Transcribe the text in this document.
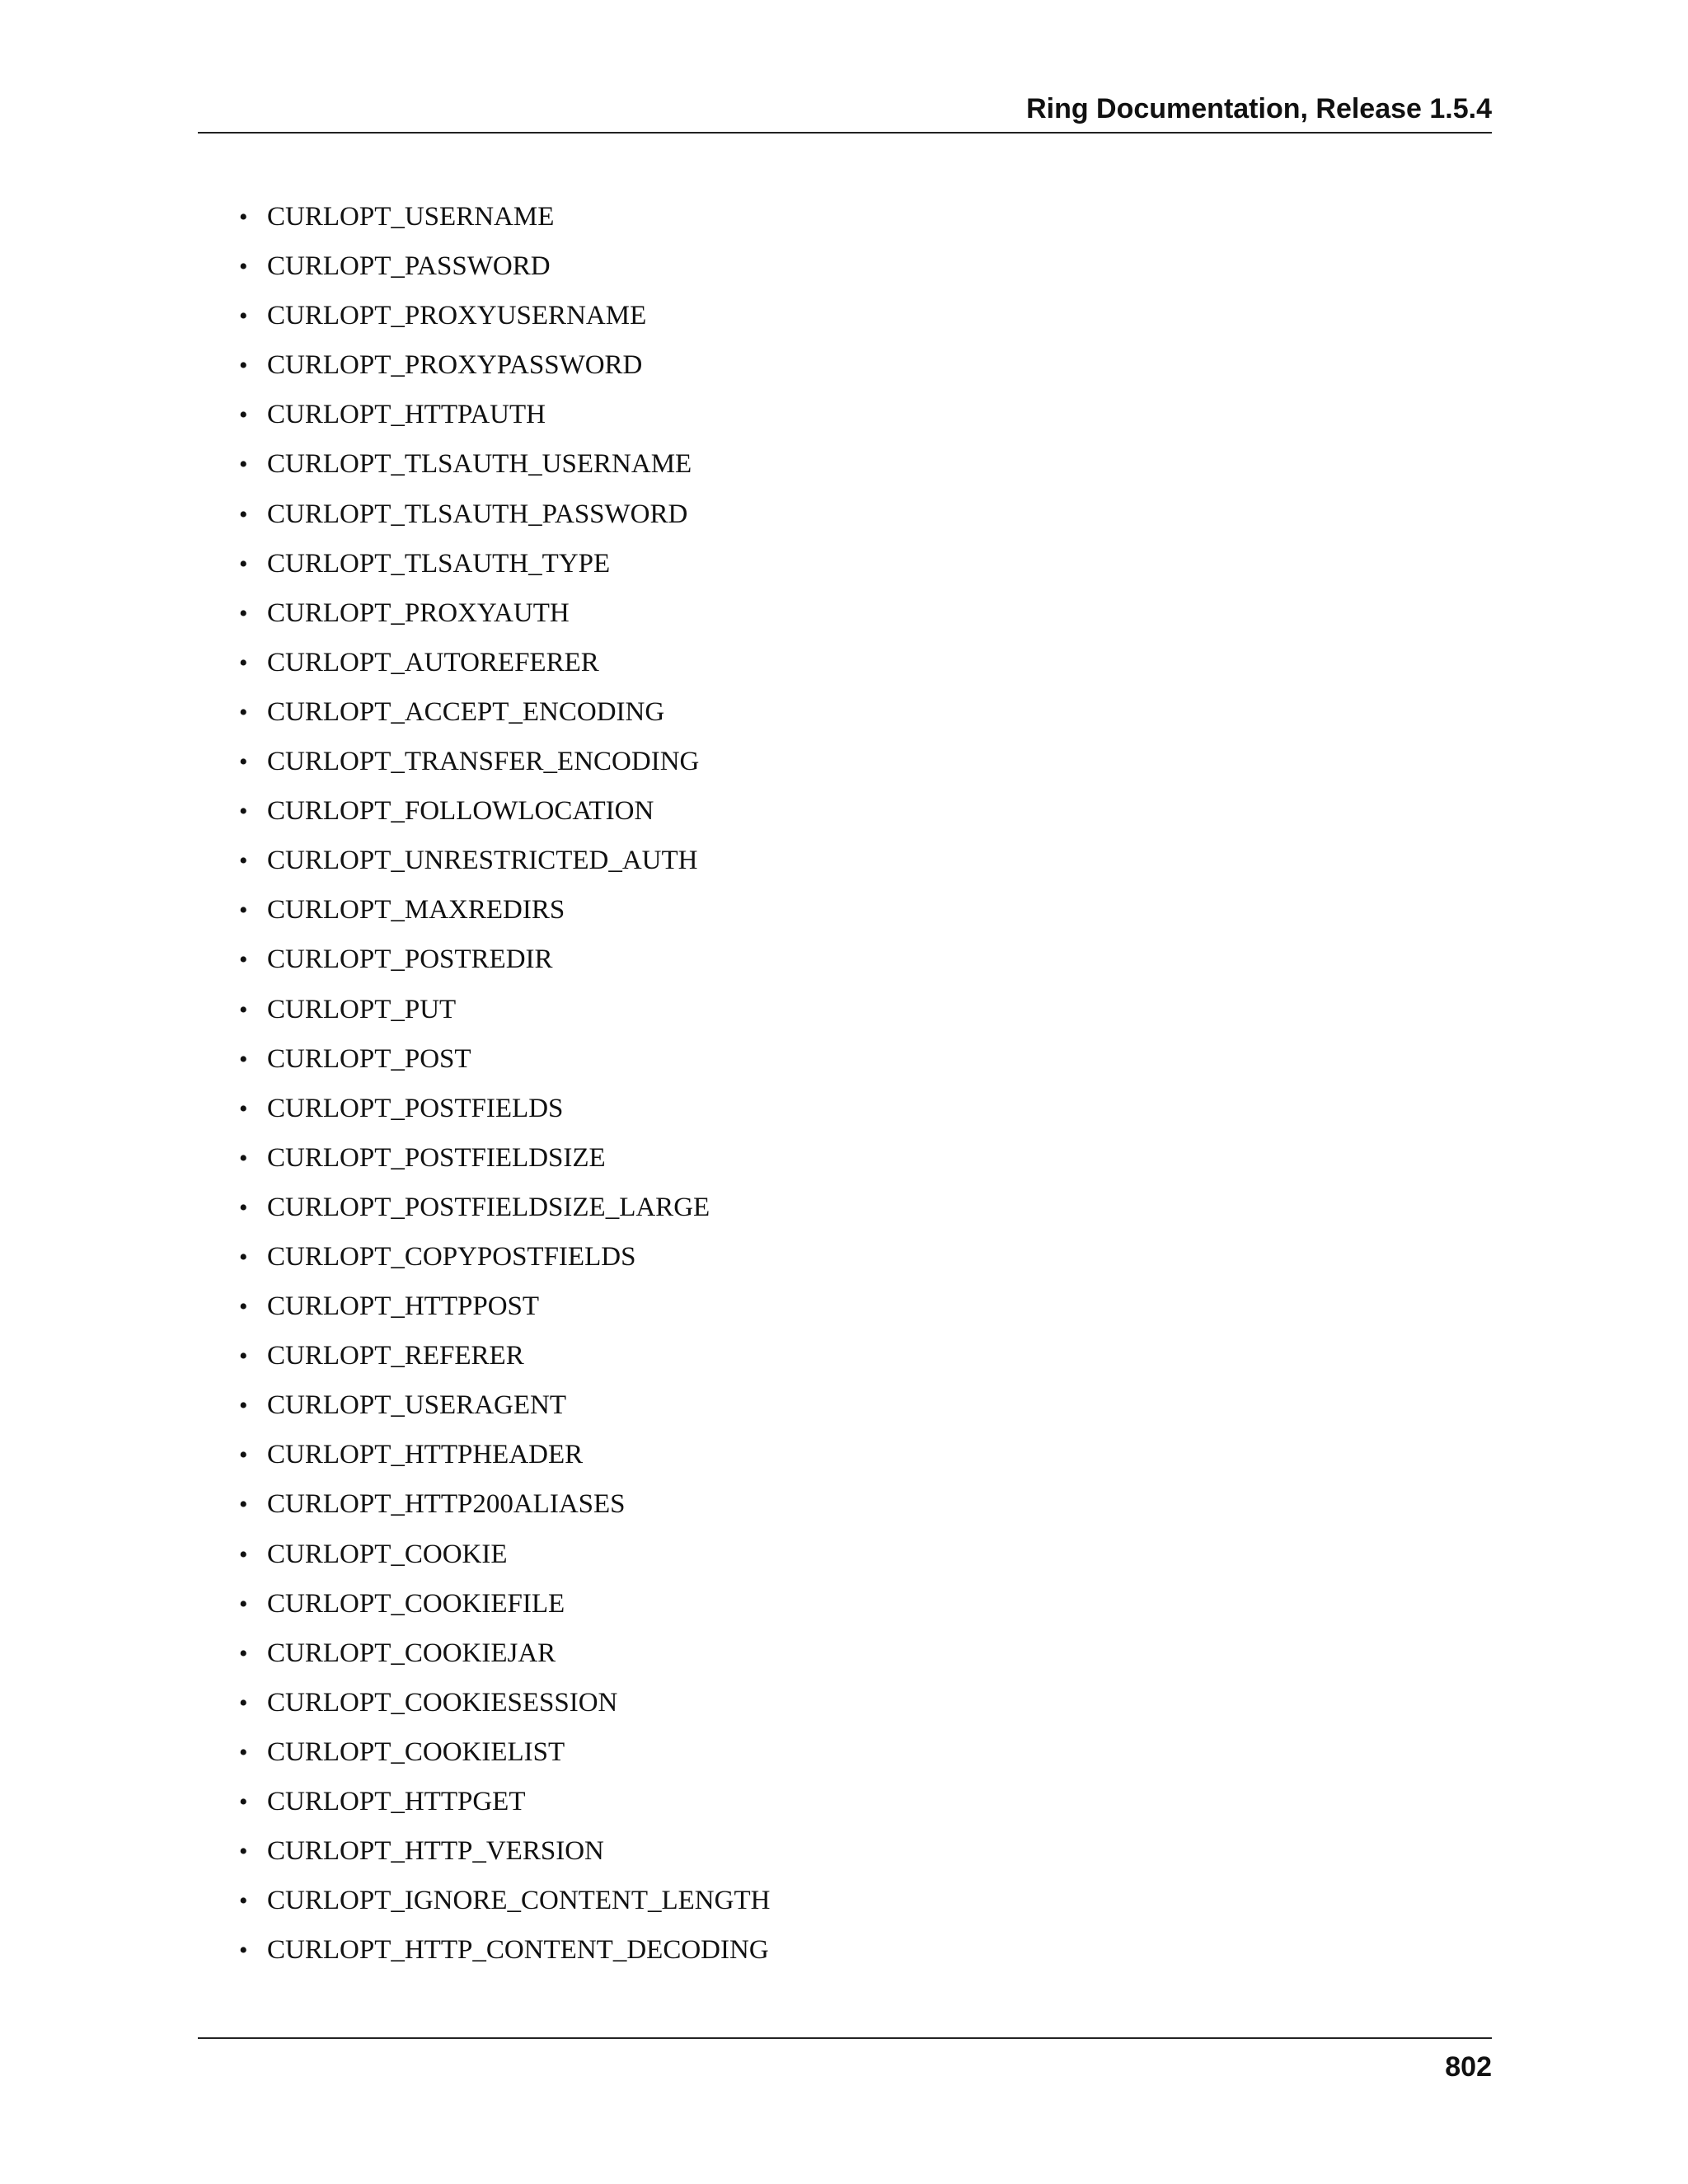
Ring Documentation, Release 1.5.4
• CURLOPT_USERNAME
• CURLOPT_PASSWORD
• CURLOPT_PROXYUSERNAME
• CURLOPT_PROXYPASSWORD
• CURLOPT_HTTPAUTH
• CURLOPT_TLSAUTH_USERNAME
• CURLOPT_TLSAUTH_PASSWORD
• CURLOPT_TLSAUTH_TYPE
• CURLOPT_PROXYAUTH
• CURLOPT_AUTOREFERER
• CURLOPT_ACCEPT_ENCODING
• CURLOPT_TRANSFER_ENCODING
• CURLOPT_FOLLOWLOCATION
• CURLOPT_UNRESTRICTED_AUTH
• CURLOPT_MAXREDIRS
• CURLOPT_POSTREDIR
• CURLOPT_PUT
• CURLOPT_POST
• CURLOPT_POSTFIELDS
• CURLOPT_POSTFIELDSIZE
• CURLOPT_POSTFIELDSIZE_LARGE
• CURLOPT_COPYPOSTFIELDS
• CURLOPT_HTTPPOST
• CURLOPT_REFERER
• CURLOPT_USERAGENT
• CURLOPT_HTTPHEADER
• CURLOPT_HTTP200ALIASES
• CURLOPT_COOKIE
• CURLOPT_COOKIEFILE
• CURLOPT_COOKIEJAR
• CURLOPT_COOKIESESSION
• CURLOPT_COOKIELIST
• CURLOPT_HTTPGET
• CURLOPT_HTTP_VERSION
• CURLOPT_IGNORE_CONTENT_LENGTH
• CURLOPT_HTTP_CONTENT_DECODING
802
